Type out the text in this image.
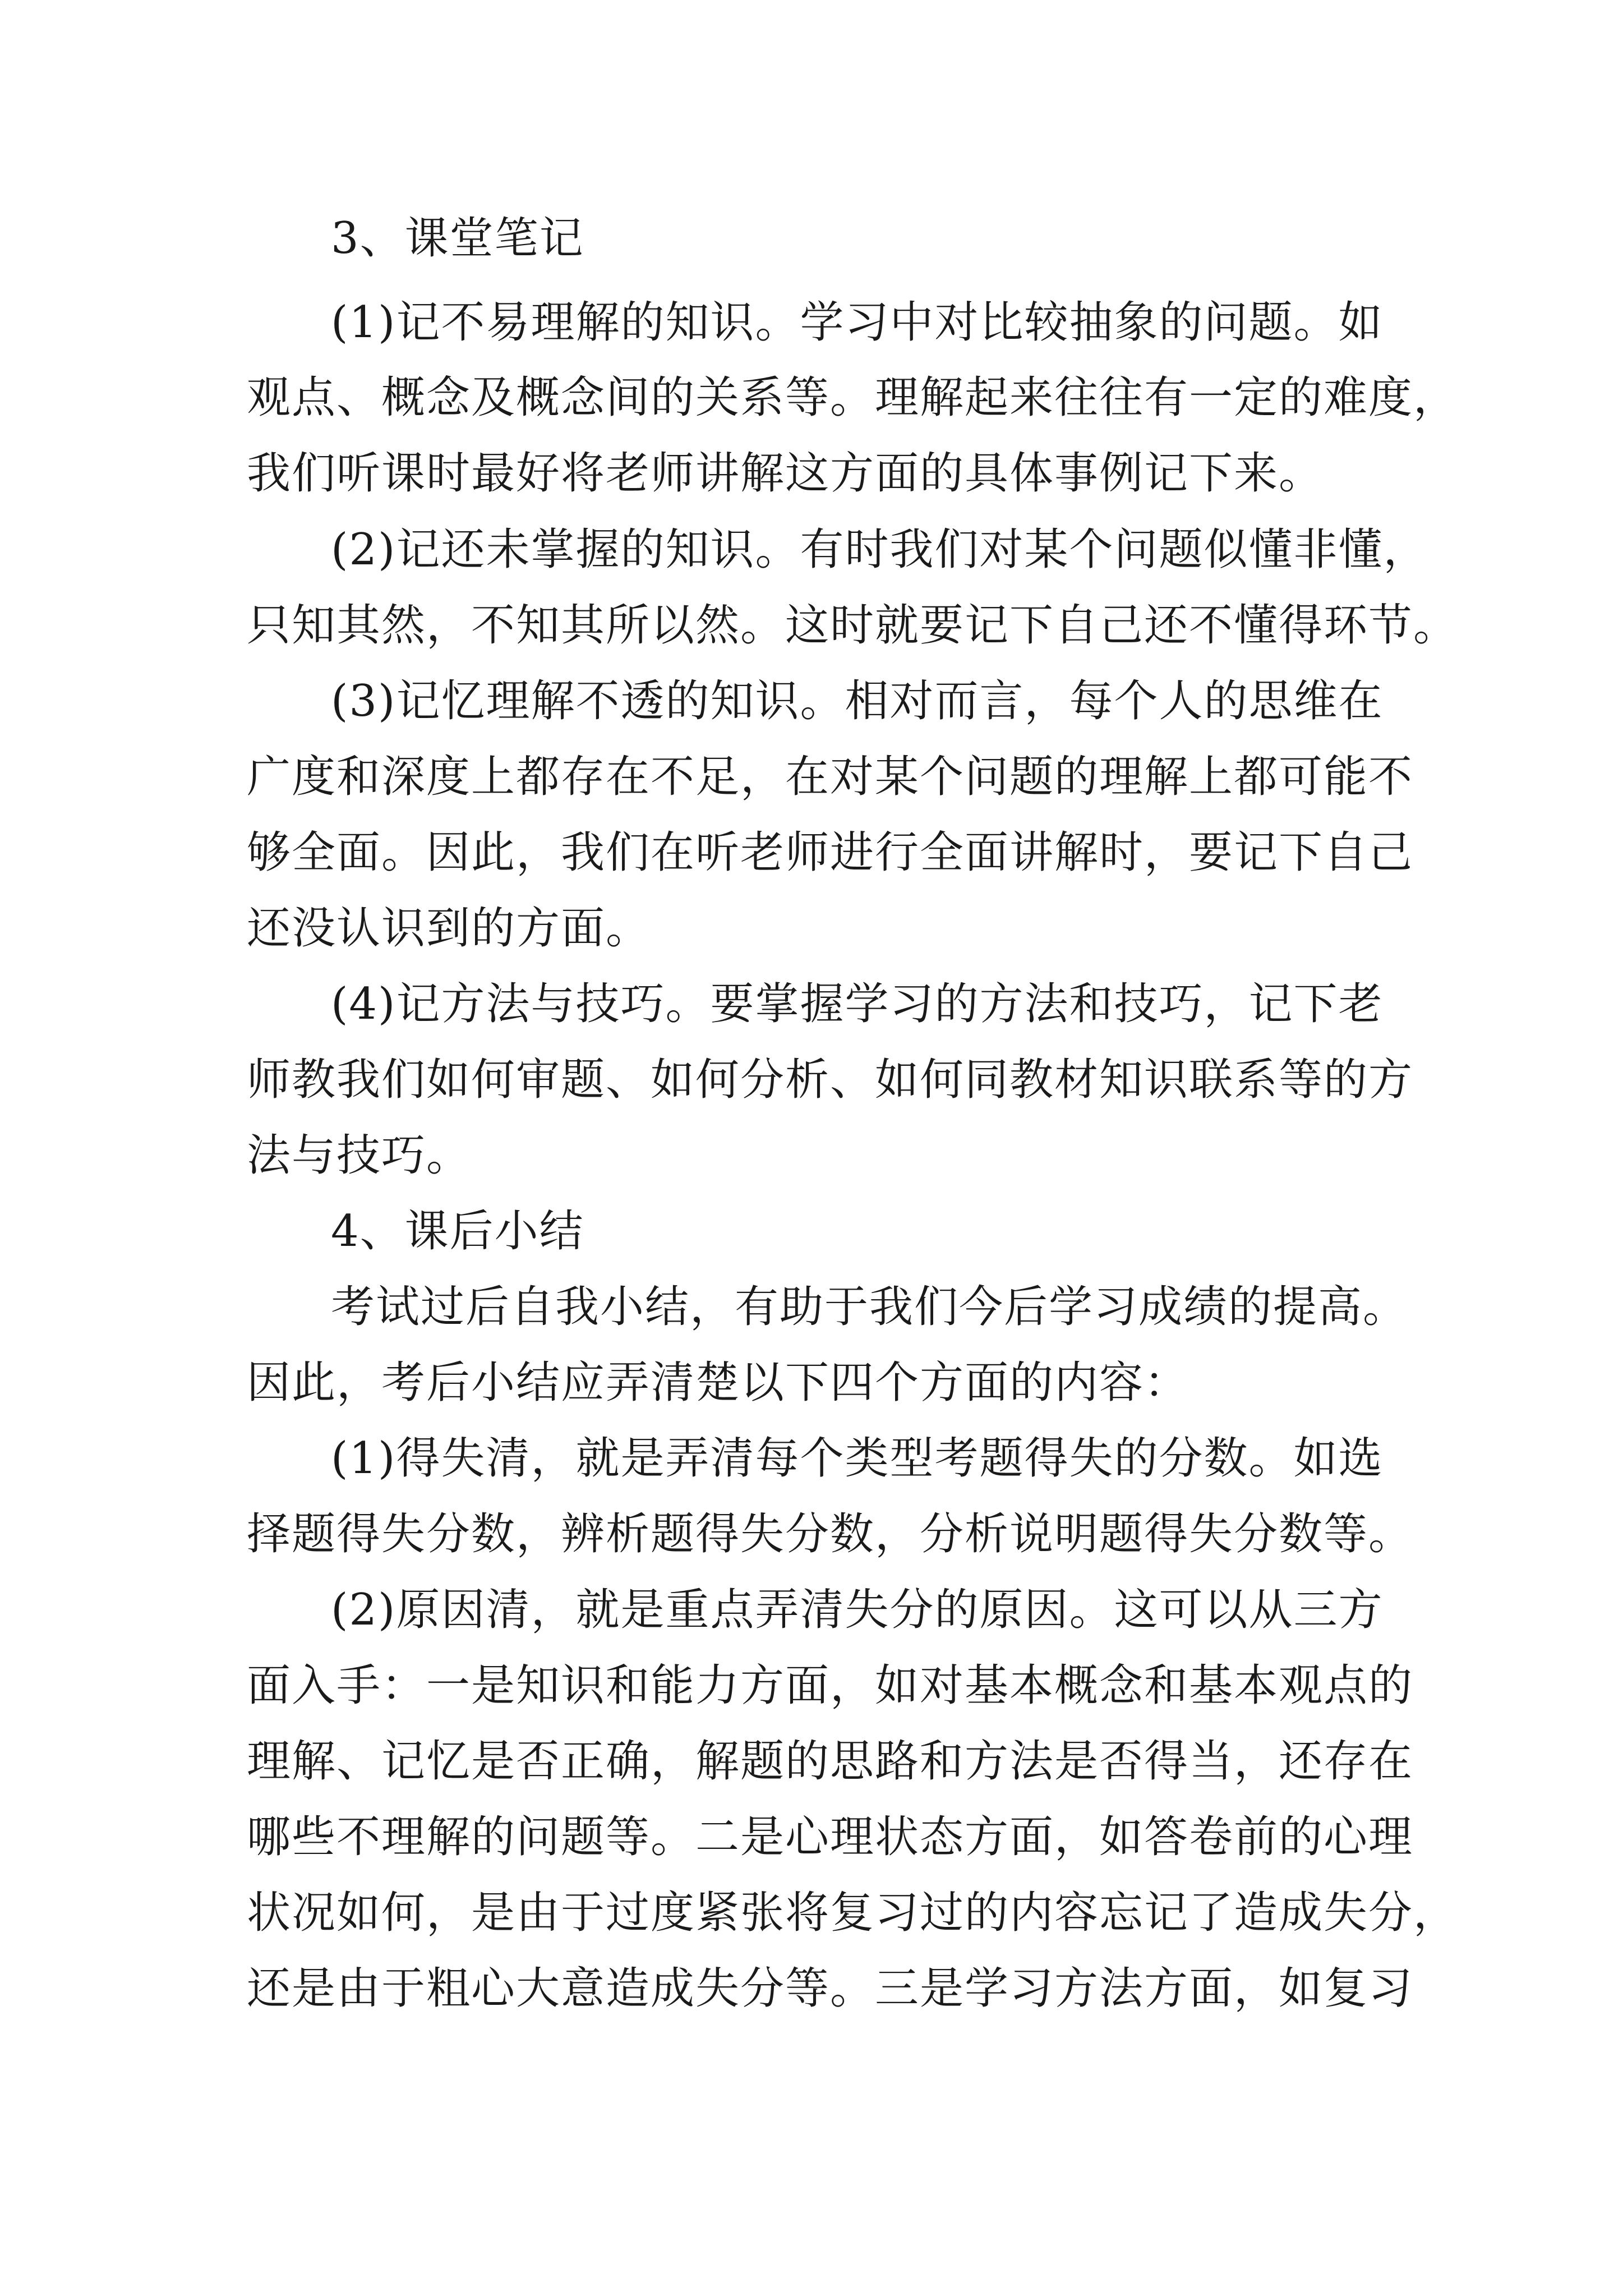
3、课堂笔记
(1)记不易理解的知识。学习中对比较抽象的问题。如
观点、概念及概念间的关系等。理解起来往往有一定的难度，
我们听课时最好将老师讲解这方面的具体事例记下来。
(2)记还未掌握的知识。有时我们对某个问题似懂非懂，
只知其然，不知其所以然。这时就要记下自己还不懂得环节。
(3)记忆理解不透的知识。相对而言，每个人的思维在
广度和深度上都存在不足，在对某个问题的理解上都可能不
够全面。因此，我们在听老师进行全面讲解时，要记下自己
还没认识到的方面。
(4)记方法与技巧。要掌握学习的方法和技巧，记下老
师教我们如何审题、如何分析、如何同教材知识联系等的方
法与技巧。
4、课后小结
考试过后自我小结，有助于我们今后学习成绩的提高。
因此，考后小结应弄清楚以下四个方面的内容：
(1)得失清，就是弄清每个类型考题得失的分数。如选
择题得失分数，辨析题得失分数，分析说明题得失分数等。
(2)原因清，就是重点弄清失分的原因。这可以从三方
面入手：一是知识和能力方面，如对基本概念和基本观点的
理解、记忆是否正确，解题的思路和方法是否得当，还存在
哪些不理解的问题等。二是心理状态方面，如答卷前的心理
状况如何，是由于过度紧张将复习过的内容忘记了造成失分，
还是由于粗心大意造成失分等。三是学习方法方面，如复习
